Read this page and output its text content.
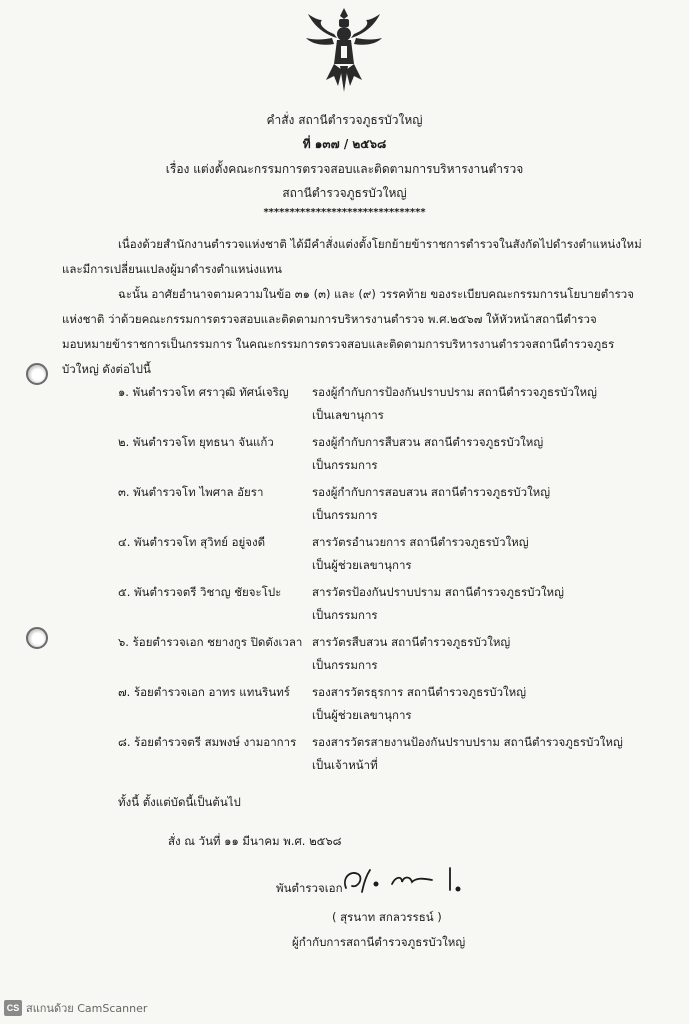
คำสั่ง สถานีตำรวจภูธรบัวใหญ่
ที่ ๑๓๗ / ๒๕๖๘
เรื่อง แต่งตั้งคณะกรรมการตรวจสอบและติดตามการบริหารงานตำรวจ
สถานีตำรวจภูธรบัวใหญ่
*******************************
เนื่องด้วยสำนักงานตำรวจแห่งชาติ ได้มีคำสั่งแต่งตั้งโยกย้ายข้าราชการตำรวจในสังกัดไปดำรงตำแหน่งใหม่
และมีการเปลี่ยนแปลงผู้มาดำรงตำแหน่งแทน
ฉะนั้น อาศัยอำนาจตามความในข้อ ๓๑ (๓) และ (๙) วรรคท้าย ของระเบียบคณะกรรมการนโยบายตำรวจ
แห่งชาติ ว่าด้วยคณะกรรมการตรวจสอบและติดตามการบริหารงานตำรวจ พ.ศ.๒๕๖๗ ให้หัวหน้าสถานีตำรวจ
มอบหมายข้าราชการเป็นกรรมการ ในคณะกรรมการตรวจสอบและติดตามการบริหารงานตำรวจสถานีตำรวจภูธร
บัวใหญ่ ดังต่อไปนี้
๑. พันตำรวจโท ศราวุฒิ ทัศน์เจริญ รองผู้กำกับการป้องกันปราบปราม สถานีตำรวจภูธรบัวใหญ่
เป็นเลขานุการ
๒. พันตำรวจโท ยุทธนา จันแก้ว	รองผู้กำกับการสืบสวน สถานีตำรวจภูธรบัวใหญ่
เป็นกรรมการ
๓. พันตำรวจโท ไพศาล อัยรา	รองผู้กำกับการสอบสวน สถานีตำรวจภูธรบัวใหญ่
เป็นกรรมการ
๔. พันตำรวจโท สุวิทย์ อยู่จงดี	สารวัตรอำนวยการ สถานีตำรวจภูธรบัวใหญ่
เป็นผู้ช่วยเลขานุการ
๕. พันตำรวจตรี วิชาญ ชัยจะโปะ	สารวัตรป้องกันปราบปราม สถานีตำรวจภูธรบัวใหญ่
เป็นกรรมการ
๖. ร้อยตำรวจเอก ชยางกูร ปิดตังเวลา สารวัตรสืบสวน สถานีตำรวจภูธรบัวใหญ่
เป็นกรรมการ
๗. ร้อยตำรวจเอก อาทร แทนรินทร์ รองสารวัตรธุรการ สถานีตำรวจภูธรบัวใหญ่
เป็นผู้ช่วยเลขานุการ
๘. ร้อยตำรวจตรี สมพงษ์ งามอาการ รองสารวัตรสายงานป้องกันปราบปราม สถานีตำรวจภูธรบัวใหญ่
เป็นเจ้าหน้าที่
ทั้งนี้ ตั้งแต่บัดนี้เป็นต้นไป
สั่ง ณ วันที่ ๑๑ มีนาคม พ.ศ. ๒๕๖๘
พันตำรวจเอก
( สุรนาท สกลวรรธน์ )
ผู้กำกับการสถานีตำรวจภูธรบัวใหญ่
CS สแกนด้วย CamScanner
